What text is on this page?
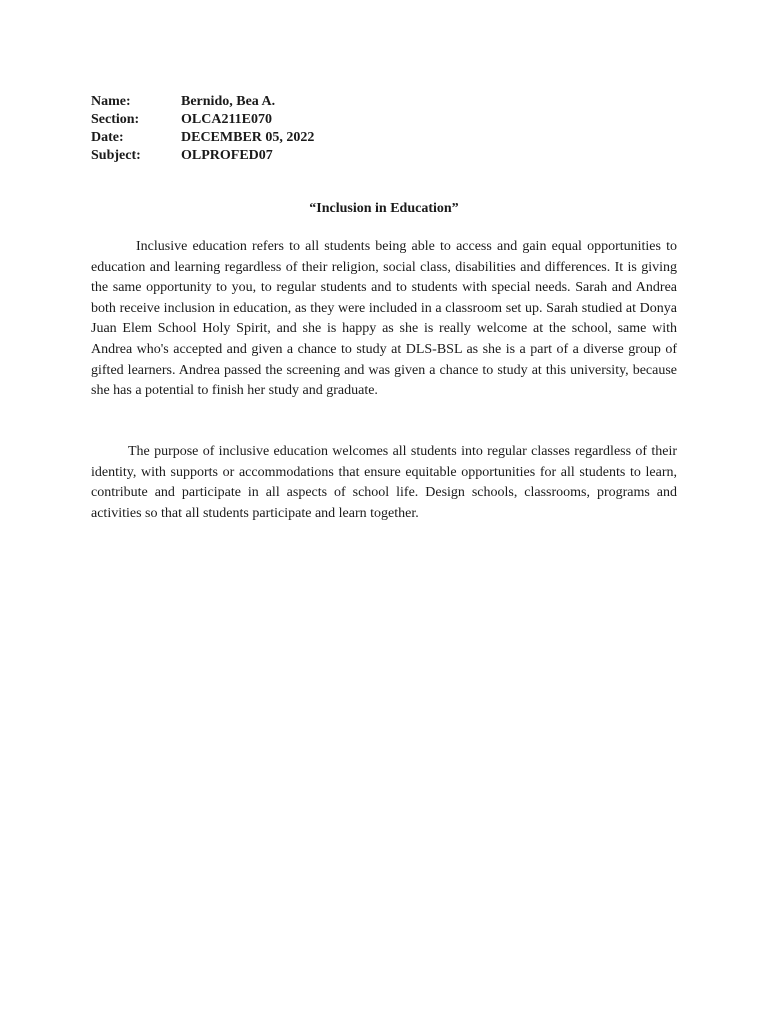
Name:	Bernido, Bea A.
Section:	OLCA211E070
Date:	DECEMBER 05, 2022
Subject:	OLPROFED07
“Inclusion in Education”

Inclusive education refers to all students being able to access and gain equal opportunities to education and learning regardless of their religion, social class, disabilities and differences. It is giving the same opportunity to you, to regular students and to students with special needs. Sarah and Andrea both receive inclusion in education, as they were included in a classroom set up. Sarah studied at Donya Juan Elem School Holy Spirit, and she is happy as she is really welcome at the school, same with Andrea who's accepted and given a chance to study at DLS-BSL as she is a part of a diverse group of gifted learners. Andrea passed the screening and was given a chance to study at this university, because she has a potential to finish her study and graduate.

The purpose of inclusive education welcomes all students into regular classes regardless of their identity, with supports or accommodations that ensure equitable opportunities for all students to learn, contribute and participate in all aspects of school life. Design schools, classrooms, programs and activities so that all students participate and learn together.
